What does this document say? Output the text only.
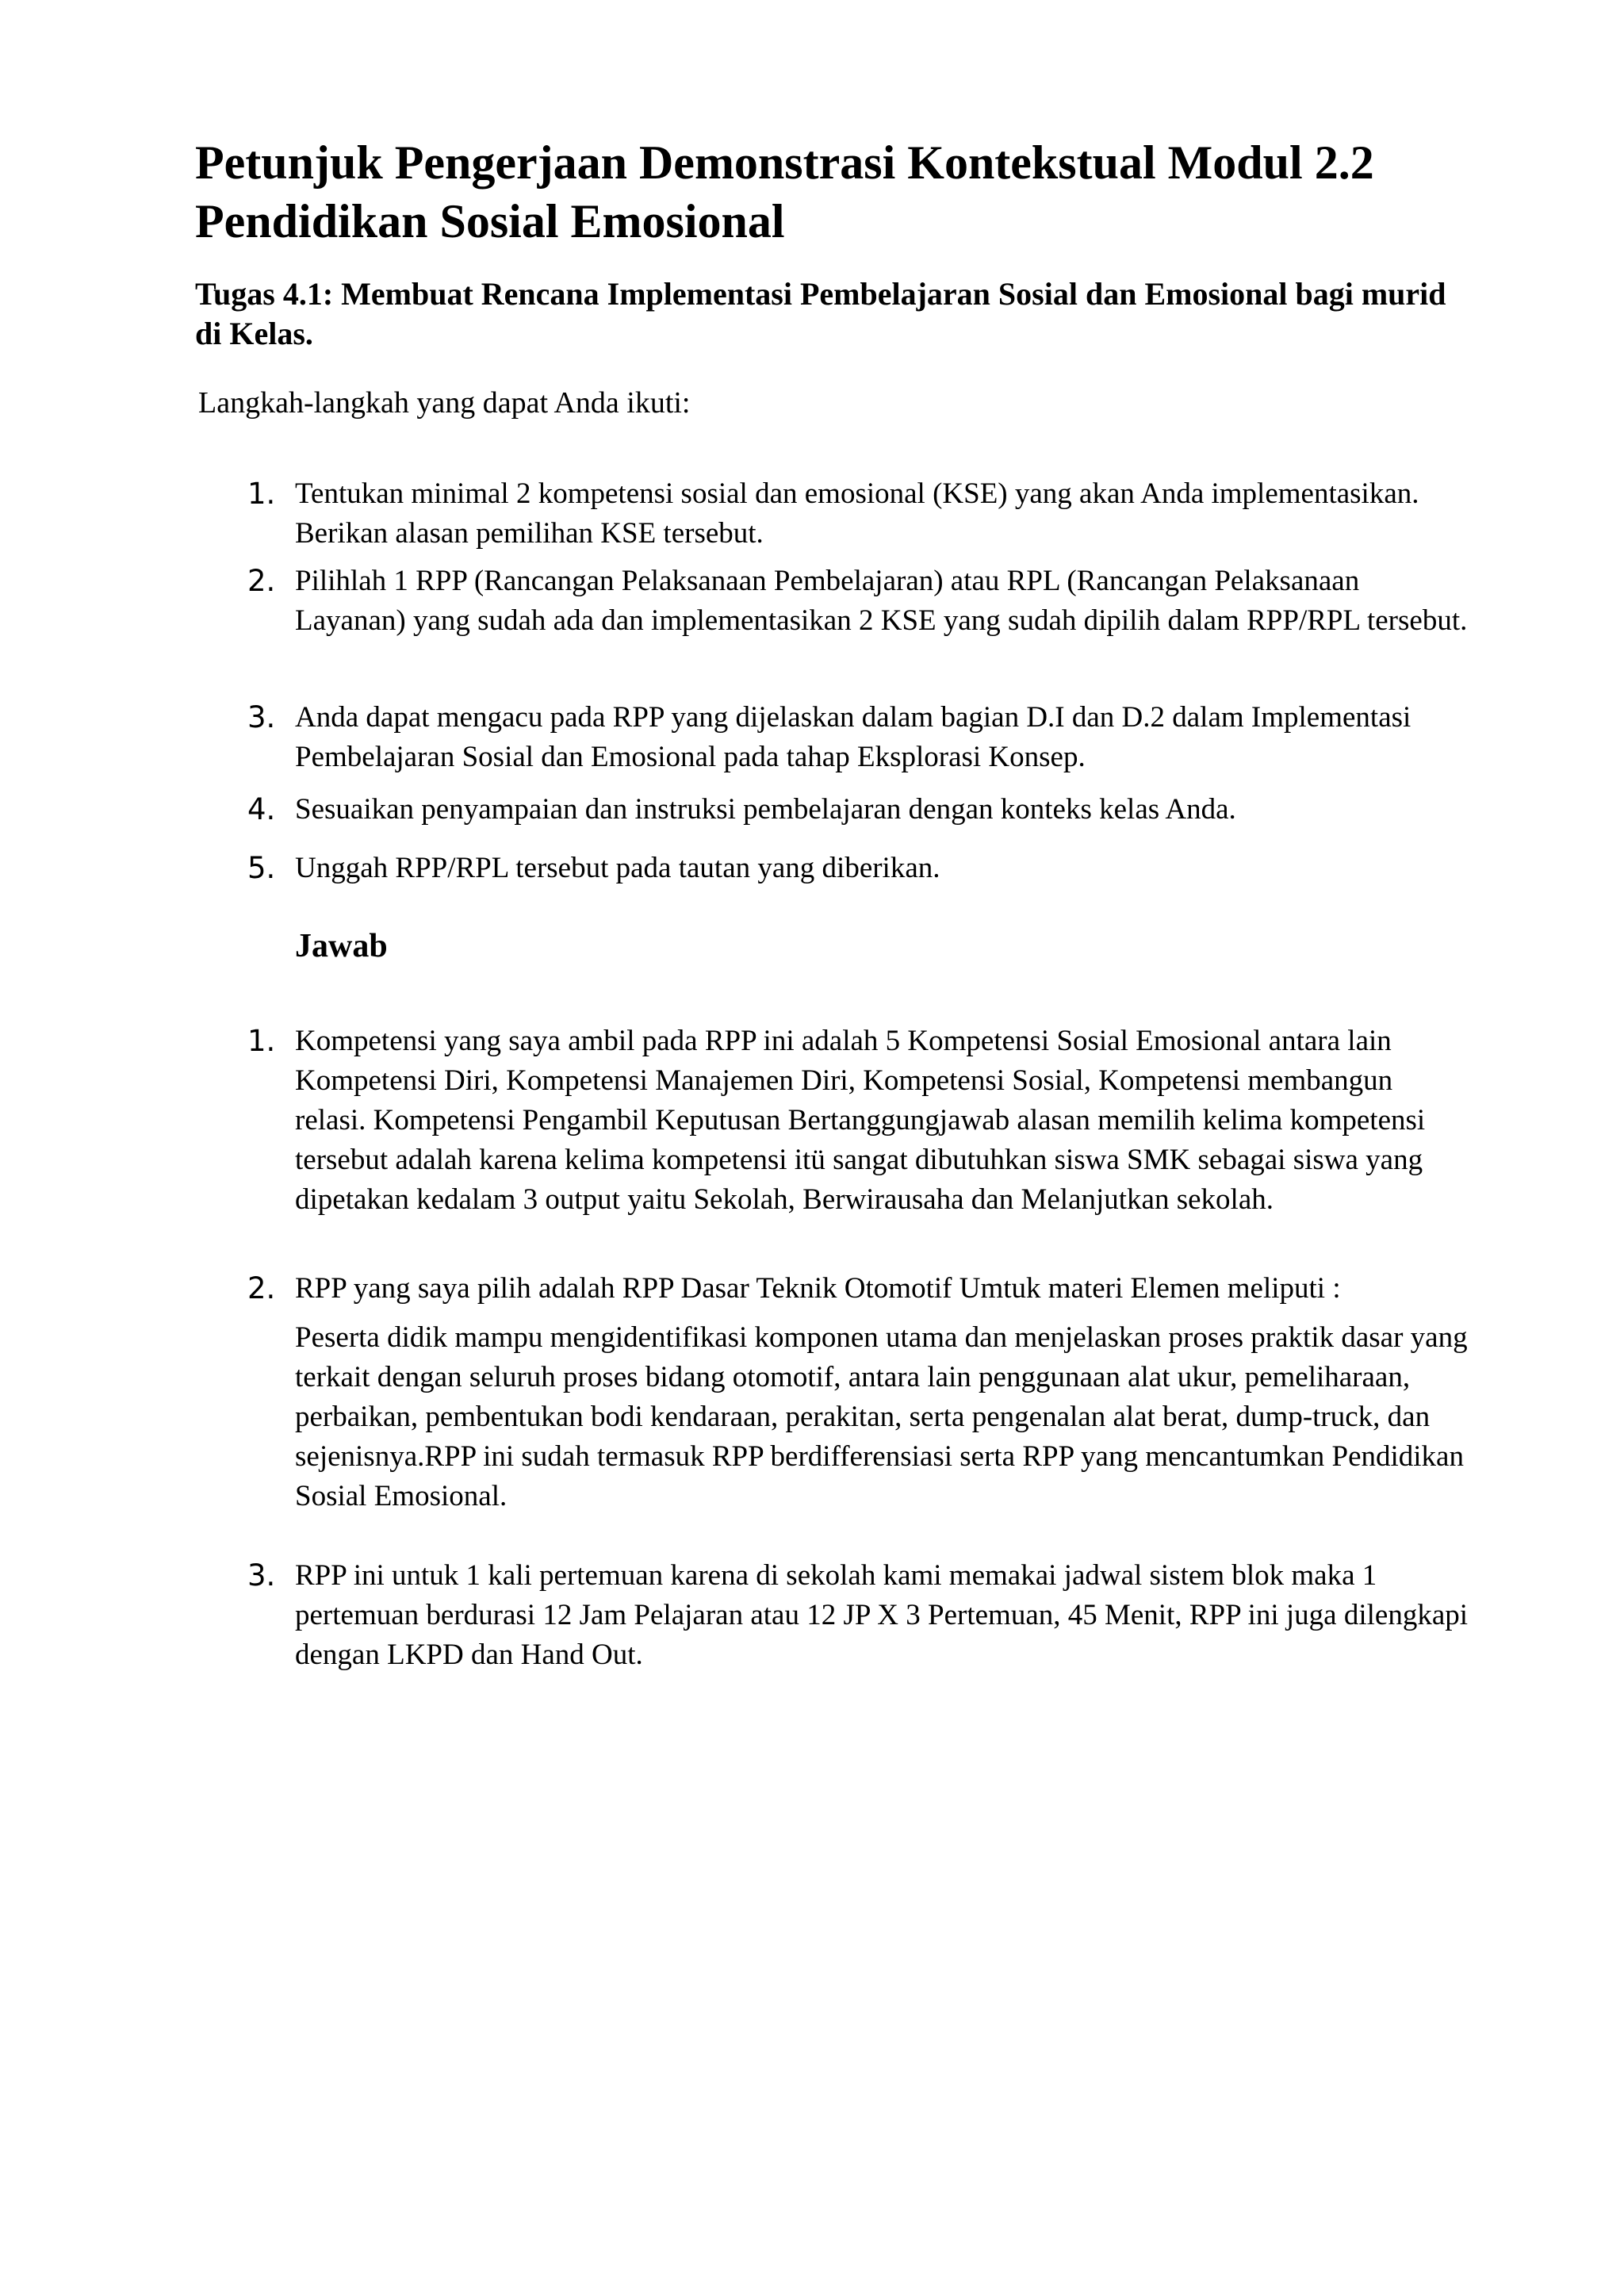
Petunjuk Pengerjaan Demonstrasi Kontekstual Modul 2.2 Pendidikan Sosial Emosional
Tugas 4.1: Membuat Rencana Implementasi Pembelajaran Sosial dan Emosional bagi murid di Kelas.

Langkah-langkah yang dapat Anda ikuti:

1. Tentukan minimal 2 kompetensi sosial dan emosional (KSE) yang akan Anda implementasikan. Berikan alasan pemilihan KSE tersebut.
2. Pilihlah 1 RPP (Rancangan Pelaksanaan Pembelajaran) atau RPL (Rancangan Pelaksanaan Layanan) yang sudah ada dan implementasikan 2 KSE yang sudah dipilih dalam RPP/RPL tersebut.
3. Anda dapat mengacu pada RPP yang dijelaskan dalam bagian D.I dan D.2 dalam Implementasi Pembelajaran Sosial dan Emosional pada tahap Eksplorasi Konsep.
4. Sesuaikan penyampaian dan instruksi pembelajaran dengan konteks kelas Anda.
5. Unggah RPP/RPL tersebut pada tautan yang diberikan.
Jawab
1. Kompetensi yang saya ambil pada RPP ini adalah 5 Kompetensi Sosial Emosional antara lain Kompetensi Diri, Kompetensi Manajemen Diri, Kompetensi Sosial, Kompetensi membangun relasi. Kompetensi Pengambil Keputusan Bertanggungjawab alasan memilih kelima kompetensi tersebut adalah karena kelima kompetensi itü sangat dibutuhkan siswa SMK sebagai siswa yang dipetakan kedalam 3 output yaitu Sekolah, Berwirausaha dan Melanjutkan sekolah.
2. RPP yang saya pilih adalah RPP Dasar Teknik Otomotif Umtuk materi Elemen meliputi :
Peserta didik mampu mengidentifikasi komponen utama dan menjelaskan proses praktik dasar yang terkait dengan seluruh proses bidang otomotif, antara lain penggunaan alat ukur, pemeliharaan, perbaikan, pembentukan bodi kendaraan, perakitan, serta pengenalan alat berat, dump-truck, dan sejenisnya.RPP ini sudah termasuk RPP berdifferensiasi serta RPP yang mencantumkan Pendidikan Sosial Emosional.
3. RPP ini untuk 1 kali pertemuan karena di sekolah kami memakai jadwal sistem blok maka 1 pertemuan berdurasi 12 Jam Pelajaran atau 12 JP X 3 Pertemuan, 45 Menit, RPP ini juga dilengkapi dengan LKPD dan Hand Out.
